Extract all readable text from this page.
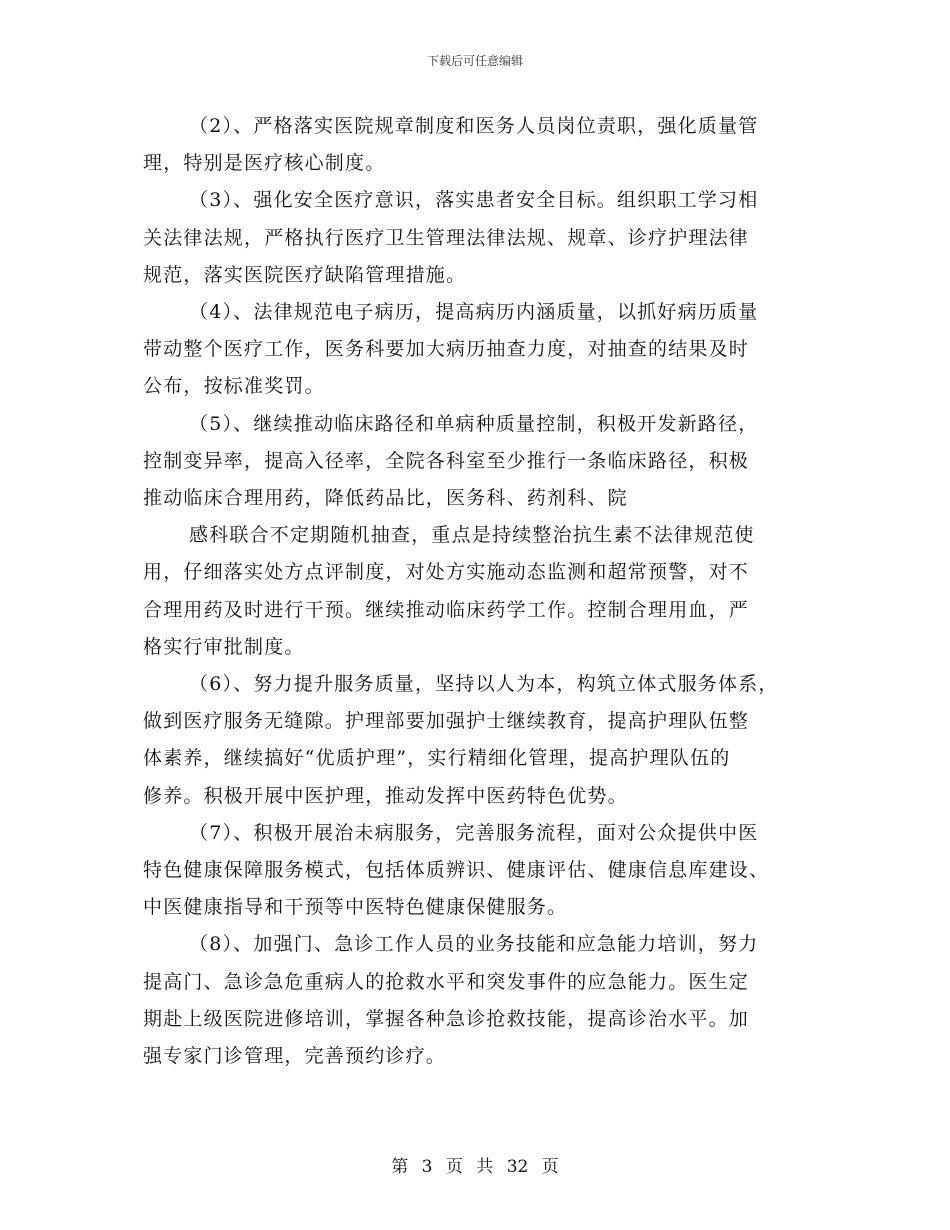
下载后可任意编辑

（2）、严格落实医院规章制度和医务人员岗位责职，强化质量管
理，特别是医疗核心制度。

（3）、强化安全医疗意识，落实患者安全目标。组织职工学习相
关法律法规，严格执行医疗卫生管理法律法规、规章、诊疗护理法律
规范，落实医院医疗缺陷管理措施。

（4）、法律规范电子病历，提高病历内涵质量，以抓好病历质量
带动整个医疗工作，医务科要加大病历抽查力度，对抽查的结果及时
公布，按标准奖罚。

（5）、继续推动临床路径和单病种质量控制，积极开发新路径，
控制变异率，提高入径率，全院各科室至少推行一条临床路径，积极
推动临床合理用药，降低药品比，医务科、药剂科、院

感科联合不定期随机抽查，重点是持续整治抗生素不法律规范使
用，仔细落实处方点评制度，对处方实施动态监测和超常预警，对不
合理用药及时进行干预。继续推动临床药学工作。控制合理用血，严
格实行审批制度。

（6）、努力提升服务质量，坚持以人为本，构筑立体式服务体系，
做到医疗服务无缝隙。护理部要加强护士继续教育，提高护理队伍整
体素养，继续搞好“优质护理”，实行精细化管理，提高护理队伍的
修养。积极开展中医护理，推动发挥中医药特色优势。

（7）、积极开展治未病服务，完善服务流程，面对公众提供中医
特色健康保障服务模式，包括体质辨识、健康评估、健康信息库建设、
中医健康指导和干预等中医特色健康保健服务。

（8）、加强门、急诊工作人员的业务技能和应急能力培训，努力
提高门、急诊急危重病人的抢救水平和突发事件的应急能力。医生定
期赴上级医院进修培训，掌握各种急诊抢救技能，提高诊治水平。加
强专家门诊管理，完善预约诊疗。

第 3 页 共 32 页
